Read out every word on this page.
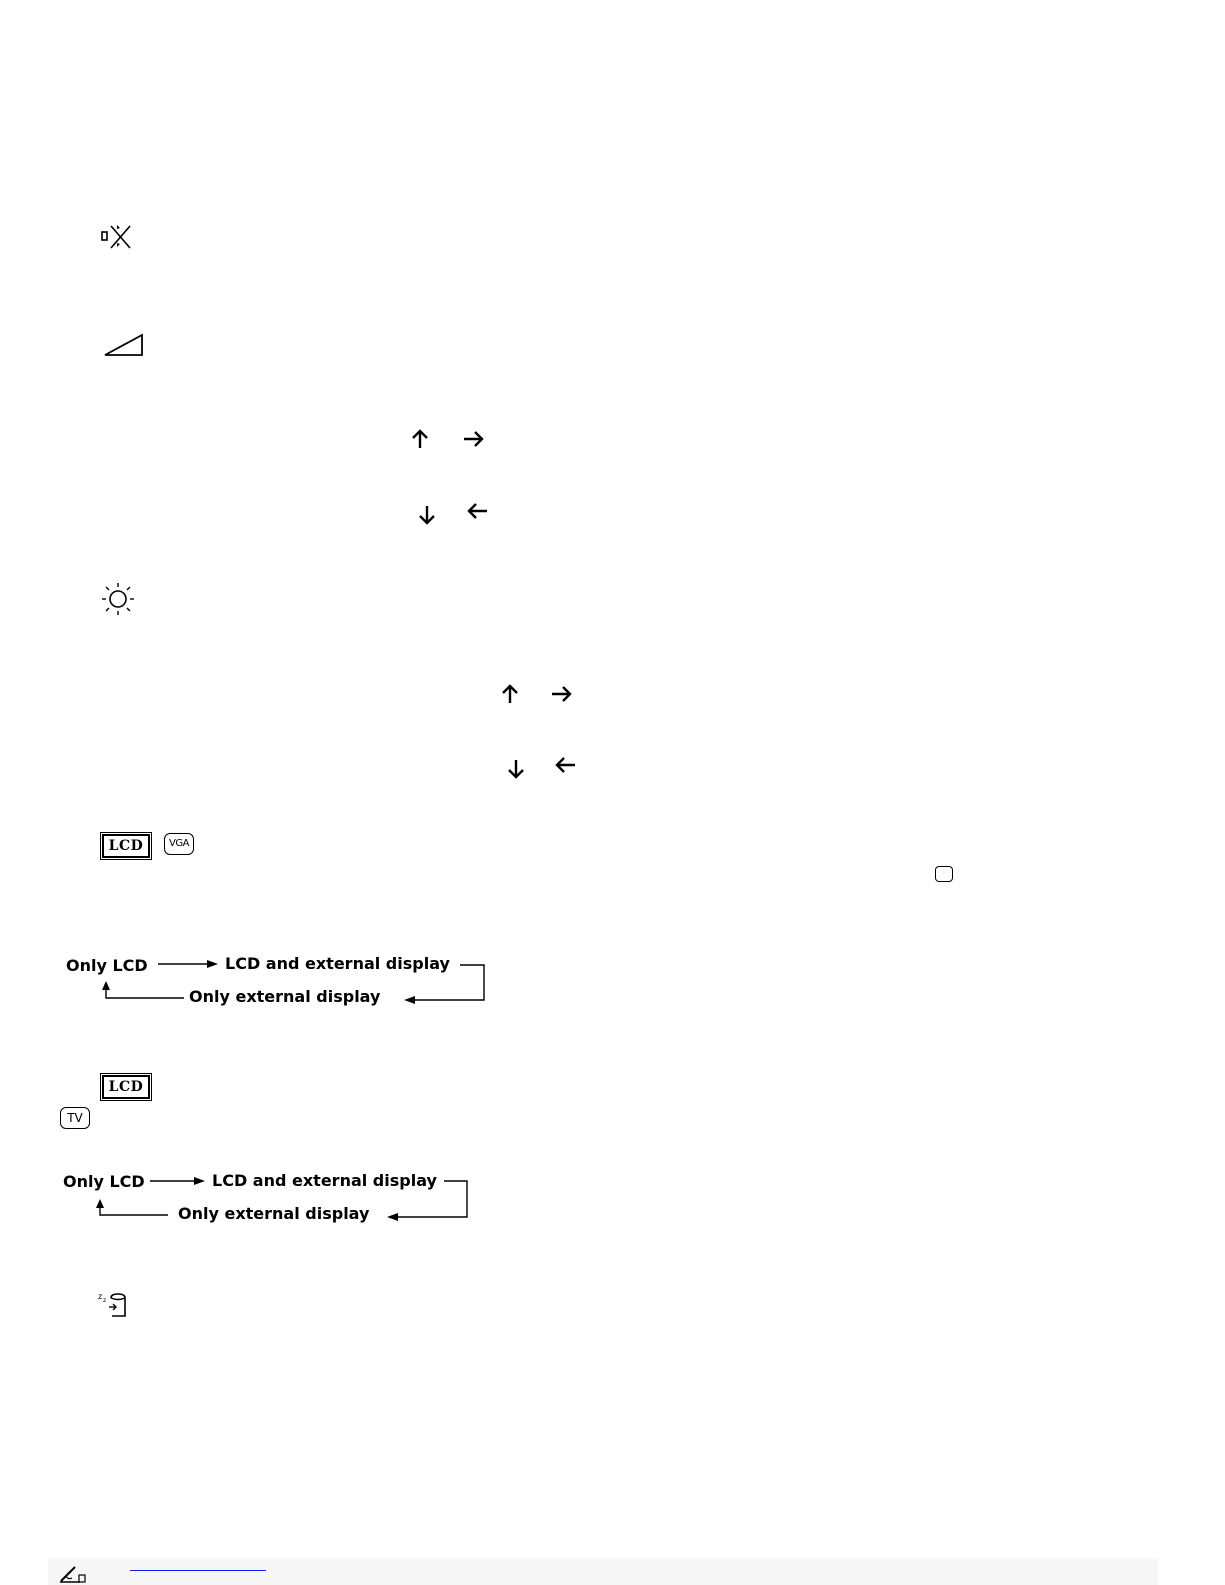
LCD	VGA
Only LCD	LCD and external display
Only external display
LCD
TV
Only LCD	LCD and external display
Only external display
z z
